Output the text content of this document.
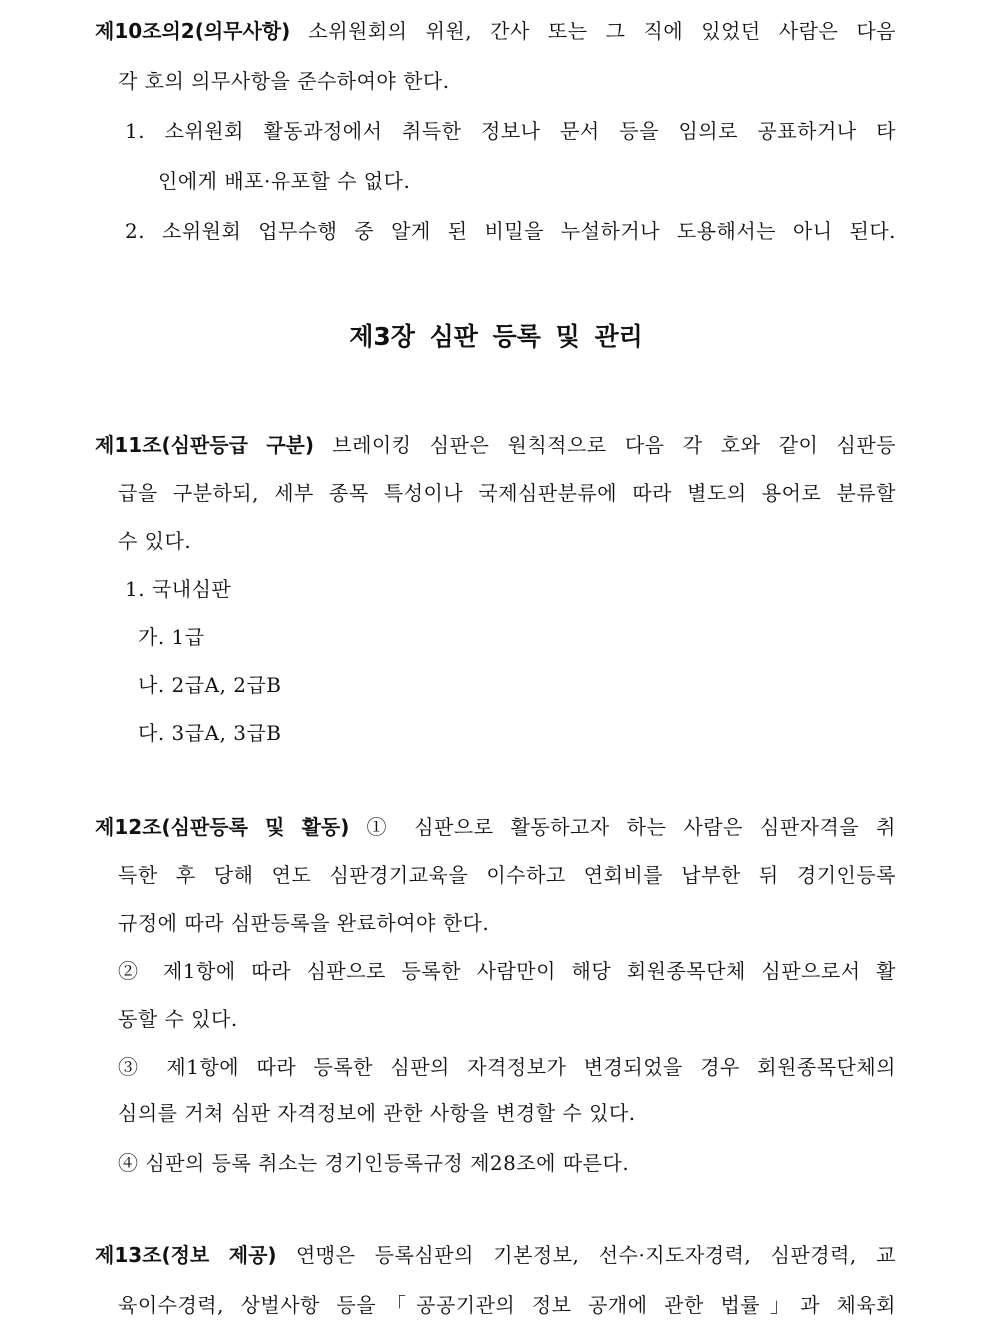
제10조의2(의무사항) 소위원회의 위원, 간사 또는 그 직에 있었던 사람은 다음
각 호의 의무사항을 준수하여야 한다.
1. 소위원회 활동과정에서 취득한 정보나 문서 등을 임의로 공표하거나 타
인에게 배포·유포할 수 없다.
2. 소위원회 업무수행 중 알게 된 비밀을 누설하거나 도용해서는 아니 된다.
제3장 심판 등록 및 관리
제11조(심판등급 구분) 브레이킹 심판은 원칙적으로 다음 각 호와 같이 심판등
급을 구분하되, 세부 종목 특성이나 국제심판분류에 따라 별도의 용어로 분류할
수 있다.
1. 국내심판
가. 1급
나. 2급A, 2급B
다. 3급A, 3급B
제12조(심판등록 및 활동) ① 심판으로 활동하고자 하는 사람은 심판자격을 취
득한 후 당해 연도 심판경기교육을 이수하고 연회비를 납부한 뒤 경기인등록
규정에 따라 심판등록을 완료하여야 한다.
② 제1항에 따라 심판으로 등록한 사람만이 해당 회원종목단체 심판으로서 활
동할 수 있다.
③ 제1항에 따라 등록한 심판의 자격정보가 변경되었을 경우 회원종목단체의
심의를 거쳐 심판 자격정보에 관한 사항을 변경할 수 있다.
④ 심판의 등록 취소는 경기인등록규정 제28조에 따른다.
제13조(정보 제공) 연맹은 등록심판의 기본정보, 선수·지도자경력, 심판경력, 교
육이수경력, 상벌사항 등을「공공기관의 정보 공개에 관한 법률」과 체육회
